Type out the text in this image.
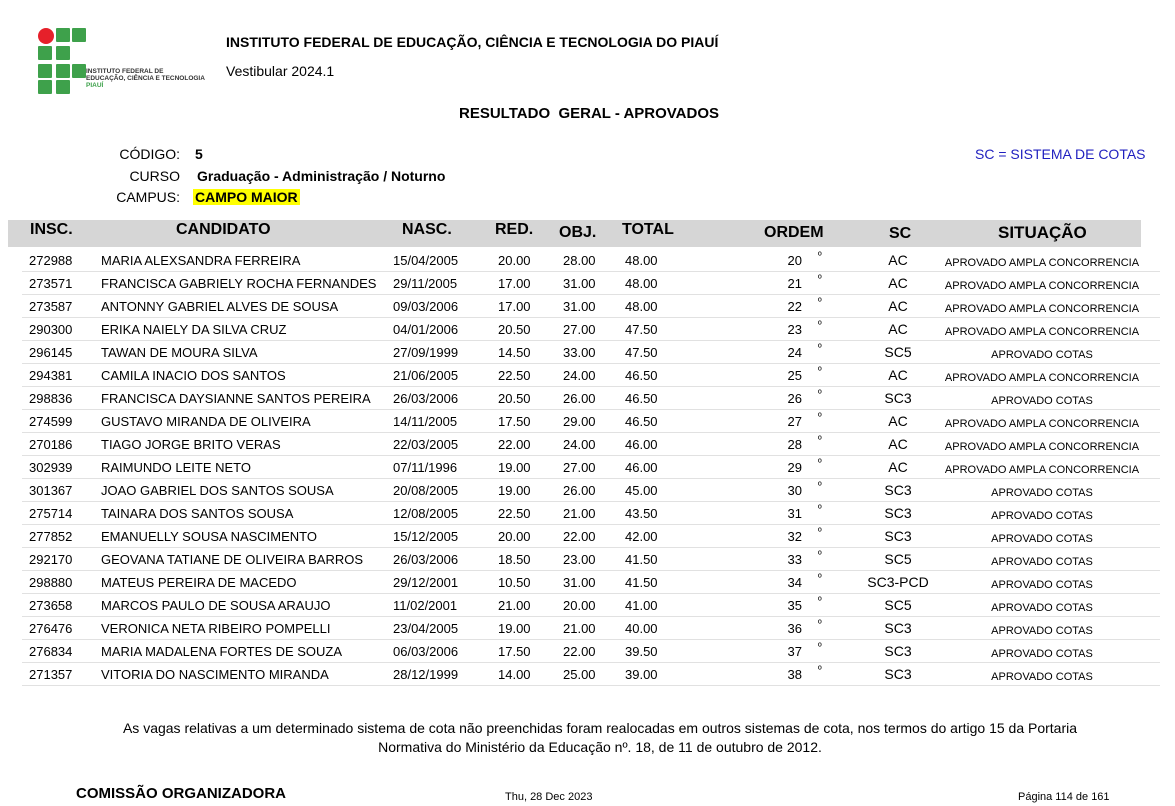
INSTITUTO FEDERAL DE
EDUCAÇÃO, CIÊNCIA E TECNOLOGIA
PIAUÍ
INSTITUTO FEDERAL DE EDUCAÇÃO, CIÊNCIA E TECNOLOGIA DO PIAUÍ
Vestibular 2024.1
RESULTADO  GERAL - APROVADOS
CÓDIGO: 5
CURSO Graduação - Administração / Noturno
CAMPUS: CAMPO MAIOR
SC = SISTEMA DE COTAS
INSC.	CANDIDATO	NASC.	RED. OBJ. TOTAL	ORDEM	SC	SITUAÇÃO
272988 MARIA ALEXSANDRA FERREIRA	15/04/2005	20.00 28.00 48.00	20 º	AC	APROVADO AMPLA CONCORRENCIA
273571 FRANCISCA GABRIELY ROCHA FERNANDES 29/11/2005	17.00 31.00 48.00	21 º	AC	APROVADO AMPLA CONCORRENCIA
273587 ANTONNY GABRIEL ALVES DE SOUSA	09/03/2006	17.00 31.00 48.00	22 º	AC	APROVADO AMPLA CONCORRENCIA
290300 ERIKA NAIELY DA SILVA CRUZ	04/01/2006	20.50 27.00 47.50	23 º	AC	APROVADO AMPLA CONCORRENCIA
296145 TAWAN DE MOURA SILVA	27/09/1999	14.50 33.00 47.50	24 º	SC5	APROVADO COTAS
294381 CAMILA INACIO DOS SANTOS	21/06/2005	22.50 24.00 46.50	25 º	AC	APROVADO AMPLA CONCORRENCIA
298836 FRANCISCA DAYSIANNE SANTOS PEREIRA 26/03/2006	20.50 26.00 46.50	26 º	SC3	APROVADO COTAS
274599 GUSTAVO MIRANDA DE OLIVEIRA	14/11/2005	17.50 29.00 46.50	27 º	AC	APROVADO AMPLA CONCORRENCIA
270186 TIAGO JORGE BRITO VERAS	22/03/2005	22.00 24.00 46.00	28 º	AC	APROVADO AMPLA CONCORRENCIA
302939 RAIMUNDO LEITE NETO	07/11/1996	19.00 27.00 46.00	29 º	AC	APROVADO AMPLA CONCORRENCIA
301367 JOAO GABRIEL DOS SANTOS SOUSA	20/08/2005	19.00 26.00 45.00	30 º	SC3	APROVADO COTAS
275714 TAINARA DOS SANTOS SOUSA	12/08/2005	22.50 21.00 43.50	31 º	SC3	APROVADO COTAS
277852 EMANUELLY SOUSA NASCIMENTO	15/12/2005	20.00 22.00 42.00	32 º	SC3	APROVADO COTAS
292170 GEOVANA TATIANE DE OLIVEIRA BARROS 26/03/2006	18.50 23.00 41.50	33 º	SC5	APROVADO COTAS
298880 MATEUS PEREIRA DE MACEDO	29/12/2001	10.50 31.00 41.50	34 º	SC3-PCD	APROVADO COTAS
273658 MARCOS PAULO DE SOUSA ARAUJO	11/02/2001	21.00 20.00 41.00	35 º	SC5	APROVADO COTAS
276476 VERONICA NETA RIBEIRO POMPELLI	23/04/2005	19.00 21.00 40.00	36 º	SC3	APROVADO COTAS
276834 MARIA MADALENA FORTES DE SOUZA	06/03/2006	17.50 22.00 39.50	37 º	SC3	APROVADO COTAS
271357 VITORIA DO NASCIMENTO MIRANDA	28/12/1999	14.00 25.00 39.00	38 º	SC3	APROVADO COTAS
As vagas relativas a um determinado sistema de cota não preenchidas foram realocadas em outros sistemas de cota, nos termos do artigo 15 da Portaria
Normativa do Ministério da Educação nº. 18, de 11 de outubro de 2012.
COMISSÃO ORGANIZADORA	Thu, 28 Dec 2023	Página 114 de 161
